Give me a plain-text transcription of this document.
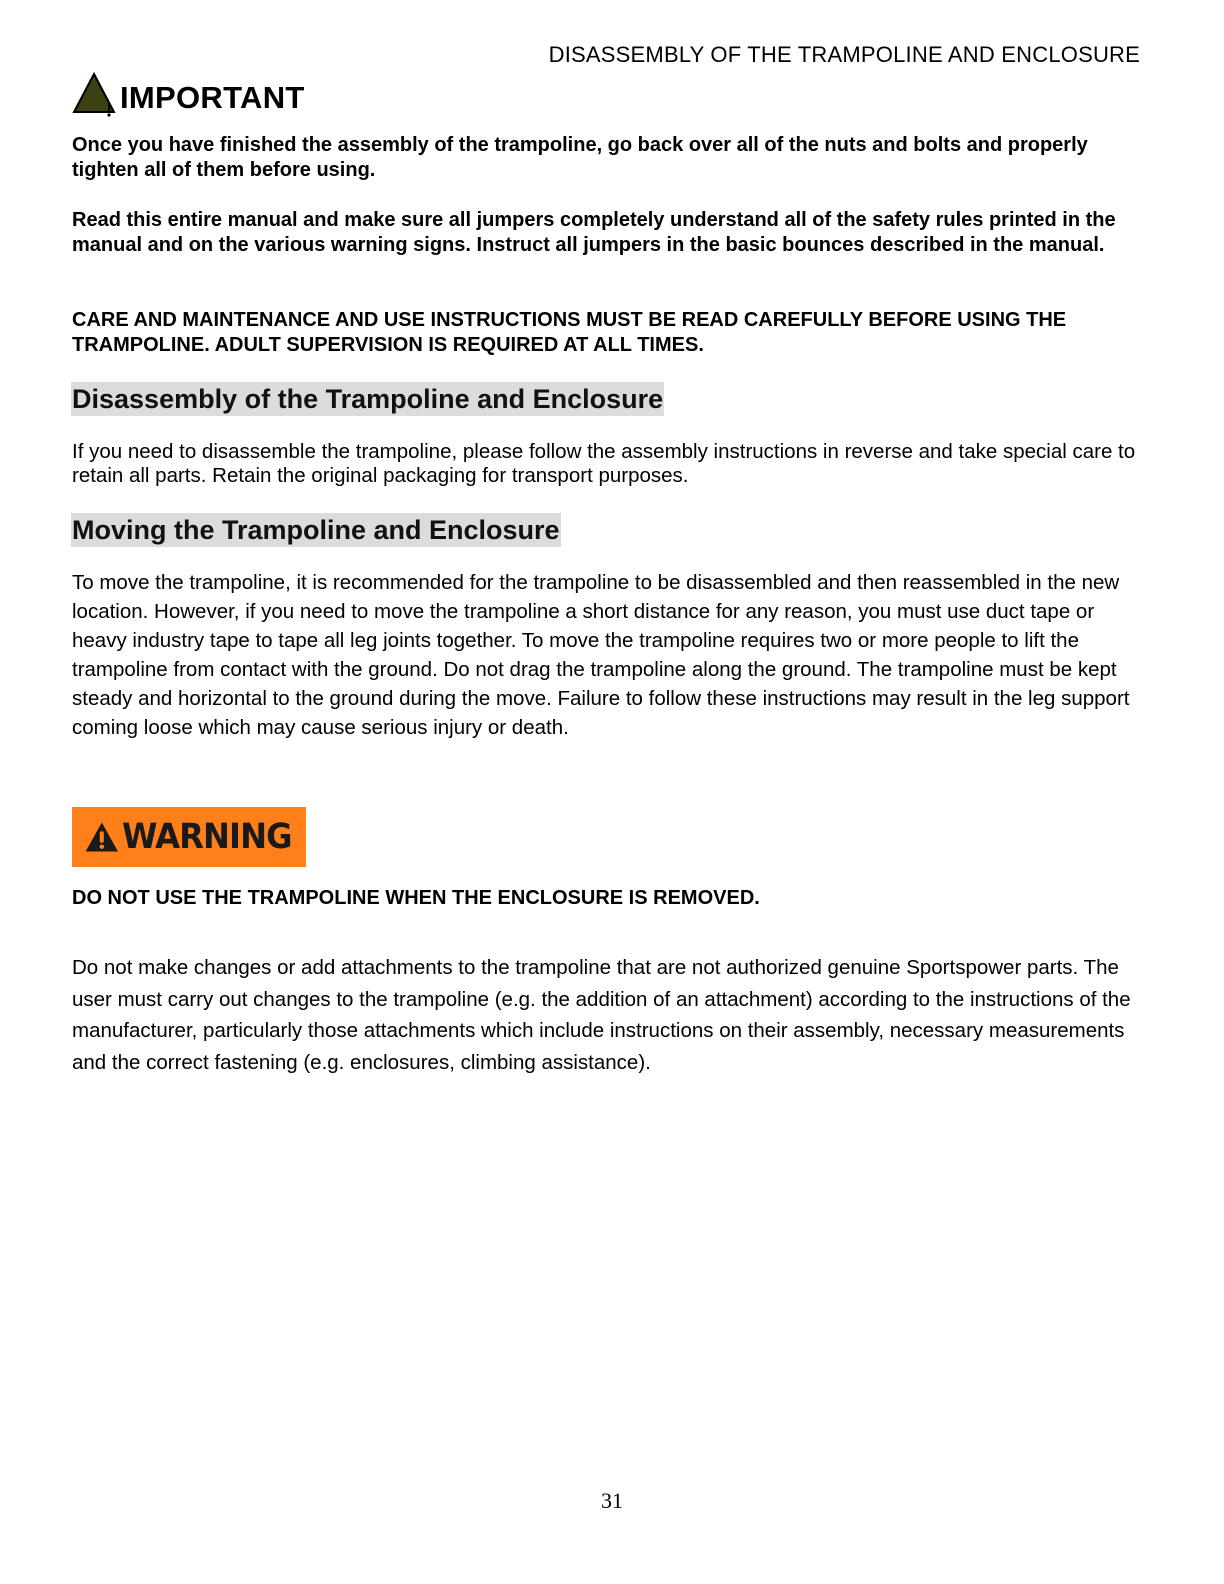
DISASSEMBLY OF THE TRAMPOLINE AND ENCLOSURE
IMPORTANT

Once you have finished the assembly of the trampoline, go back over all of the nuts and bolts and properly tighten all of them before using.

Read this entire manual and make sure all jumpers completely understand all of the safety rules printed in the manual and on the various warning signs. Instruct all jumpers in the basic bounces described in the manual.

CARE AND MAINTENANCE AND USE INSTRUCTIONS MUST BE READ CAREFULLY BEFORE USING THE TRAMPOLINE. ADULT SUPERVISION IS REQUIRED AT ALL TIMES.

Disassembly of the Trampoline and Enclosure

If you need to disassemble the trampoline, please follow the assembly instructions in reverse and take special care to retain all parts. Retain the original packaging for transport purposes.

Moving the Trampoline and Enclosure

To move the trampoline, it is recommended for the trampoline to be disassembled and then reassembled in the new location. However, if you need to move the trampoline a short distance for any reason, you must use duct tape or heavy industry tape to tape all leg joints together. To move the trampoline requires two or more people to lift the trampoline from contact with the ground. Do not drag the trampoline along the ground. The trampoline must be kept steady and horizontal to the ground during the move. Failure to follow these instructions may result in the leg support coming loose which may cause serious injury or death.

WARNING

DO NOT USE THE TRAMPOLINE WHEN THE ENCLOSURE IS REMOVED.

Do not make changes or add attachments to the trampoline that are not authorized genuine Sportspower parts. The user must carry out changes to the trampoline (e.g. the addition of an attachment) according to the instructions of the manufacturer, particularly those attachments which include instructions on their assembly, necessary measurements and the correct fastening (e.g. enclosures, climbing assistance).

31
